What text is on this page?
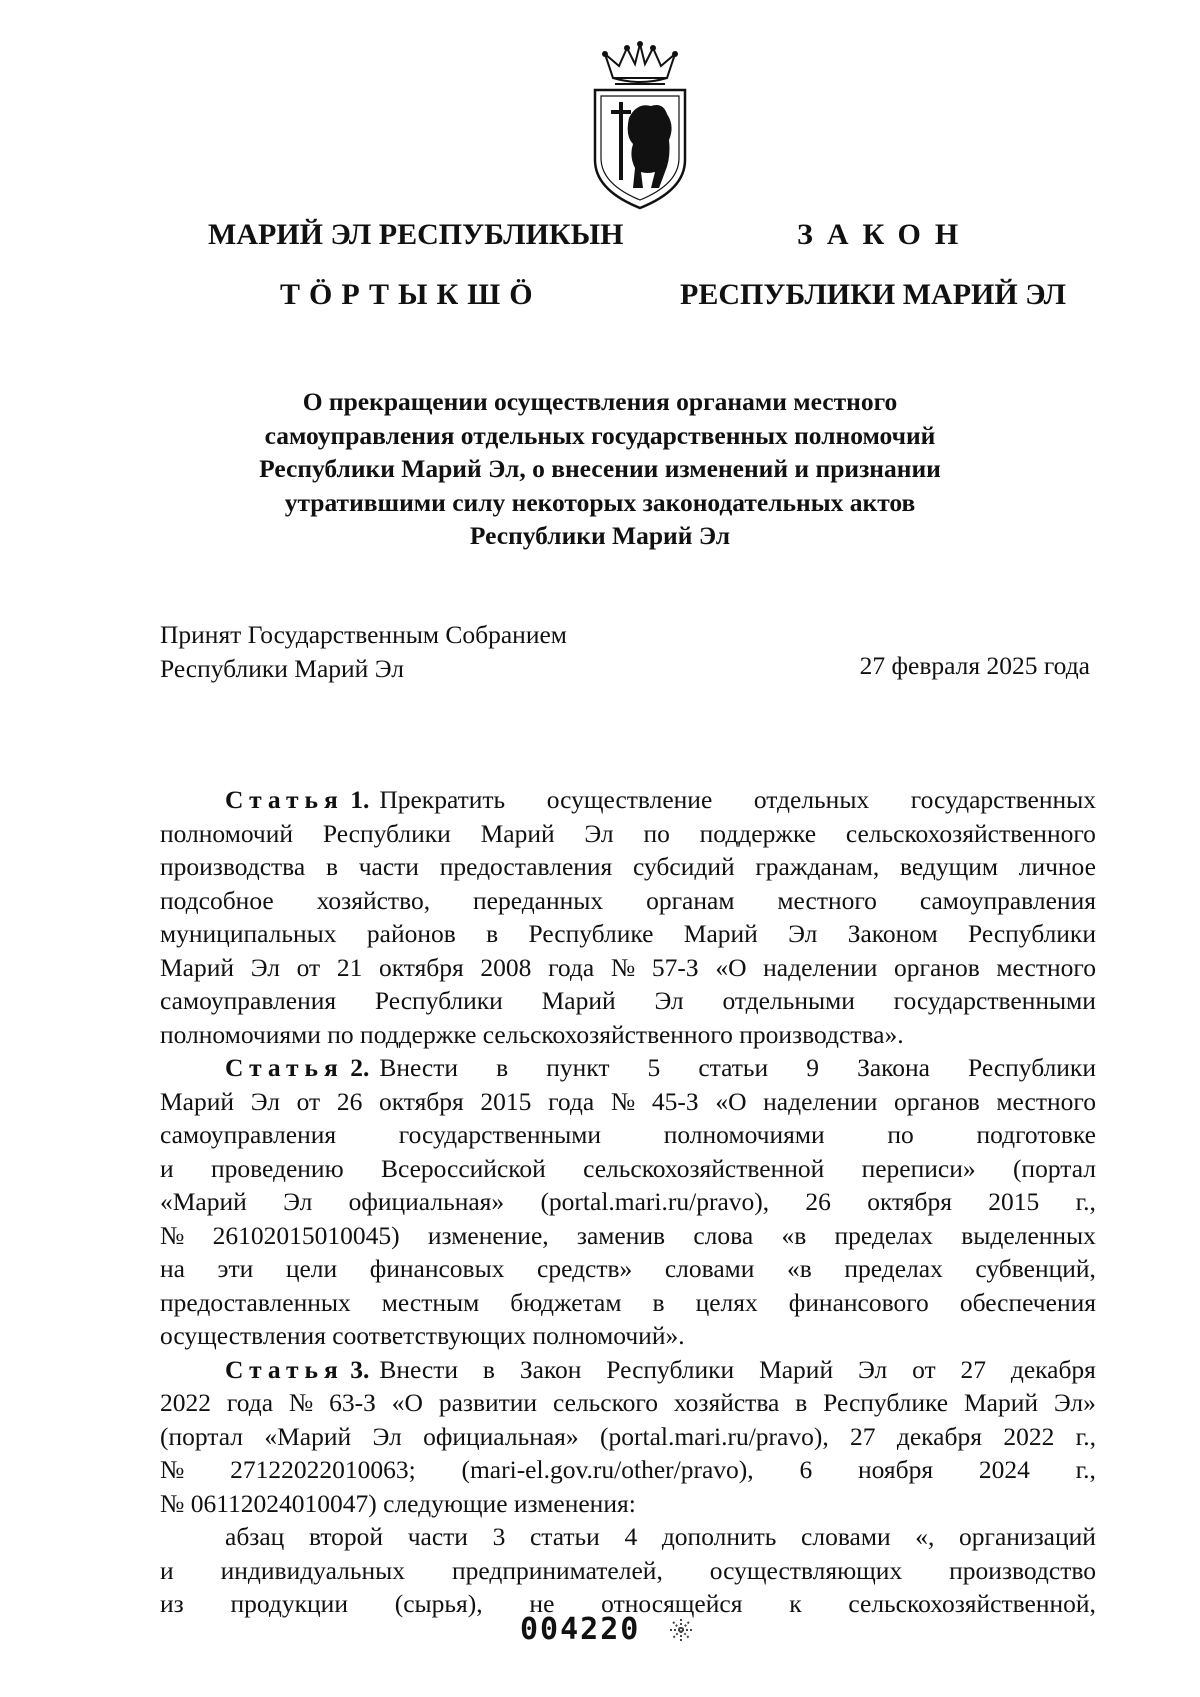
МАРИЙ ЭЛ РЕСПУБЛИКЫН
ТӦРТЫКШӦ
ЗАКОН
РЕСПУБЛИКИ МАРИЙ ЭЛ
О прекращении осуществления органами местного
самоуправления отдельных государственных полномочий
Республики Марий Эл, о внесении изменений и признании
утратившими силу некоторых законодательных актов
Республики Марий Эл
Принят Государственным Собранием
Республики Марий Эл	27 февраля 2025 года
Статья 1. Прекратить осуществление отдельных государственных
полномочий Республики Марий Эл по поддержке сельскохозяйственного
производства в части предоставления субсидий гражданам, ведущим личное
подсобное хозяйство, переданных органам местного самоуправления
муниципальных районов в Республике Марий Эл Законом Республики
Марий Эл от 21 октября 2008 года № 57-З «О наделении органов местного
самоуправления Республики Марий Эл отдельными государственными
полномочиями по поддержке сельскохозяйственного производства».
Статья 2. Внести в пункт 5 статьи 9 Закона Республики
Марий Эл от 26 октября 2015 года № 45-З «О наделении органов местного
самоуправления государственными полномочиями по подготовке
и проведению Всероссийской сельскохозяйственной переписи» (портал
«Марий Эл официальная» (portal.mari.ru/pravo), 26 октября 2015 г.,
№ 26102015010045) изменение, заменив слова «в пределах выделенных
на эти цели финансовых средств» словами «в пределах субвенций,
предоставленных местным бюджетам в целях финансового обеспечения
осуществления соответствующих полномочий».
Статья 3. Внести в Закон Республики Марий Эл от 27 декабря
2022 года № 63-З «О развитии сельского хозяйства в Республике Марий Эл»
(портал «Марий Эл официальная» (portal.mari.ru/pravo), 27 декабря 2022 г.,
№ 27122022010063; (mari-el.gov.ru/other/pravo), 6 ноября 2024 г.,
№ 06112024010047) следующие изменения:
абзац второй части 3 статьи 4 дополнить словами «, организаций
и индивидуальных предпринимателей, осуществляющих производство
из продукции (сырья), не относящейся к сельскохозяйственной,
004220
